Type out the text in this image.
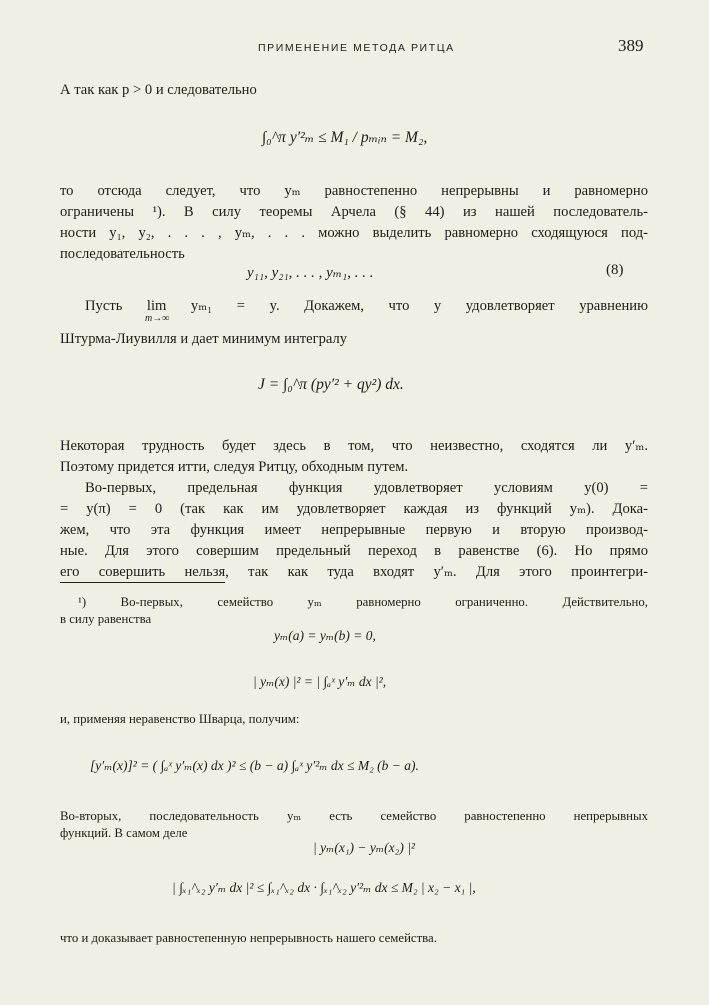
ПРИМЕНЕНИЕ МЕТОДА РИТЦА	389
А так как p > 0 и следовательно
∫₀^π y′²ₘ ≤ M₁ / pₘᵢₙ = M₂,
то отсюда следует, что yₘ равностепенно непрерывны и равномерно
ограничены ¹). В силу теоремы Арчела (§ 44) из нашей последователь-
ности y₁, y₂, . . . , yₘ, . . . можно выделить равномерно сходящуюся под-
последовательность
y₁₁, y₂₁, . . . , yₘ₁, . . .	(8)
Пусть lim yₘ₁ = y. Докажем, что y удовлетворяет уравнению
Штурма-Лиувилля и дает минимум интегралу
m→∞
J = ∫₀^π (py′² + qy²) dx.
Некоторая трудность будет здесь в том, что неизвестно, сходятся ли y′ₘ.
Поэтому придется итти, следуя Ритцу, обходным путем.
Во-первых, предельная функция удовлетворяет условиям y(0) =
= y(π) = 0 (так как им удовлетворяет каждая из функций yₘ). Дока-
жем, что эта функция имеет непрерывные первую и вторую производ-
ные. Для этого совершим предельный переход в равенстве (6). Но прямо
его совершить нельзя, так как туда входят y′ₘ. Для этого проинтегри-
¹) Во-первых, семейство yₘ равномерно ограниченно. Действительно,
в силу равенства
yₘ(a) = yₘ(b) = 0,
| yₘ(x) |² = | ∫ₐˣ y′ₘ dx |²,
и, применяя неравенство Шварца, получим:
[y′ₘ(x)]² = ( ∫ₐˣ y′ₘ(x) dx )² ≤ (b − a) ∫ₐˣ y′²ₘ dx ≤ M₂ (b − a).
Во-вторых, последовательность yₘ есть семейство равностепенно непрерывных
функций. В самом деле
| yₘ(x₁) − yₘ(x₂) |²
| ∫ₓ₁^ₓ₂ y′ₘ dx |² ≤ ∫ₓ₁^ₓ₂ dx · ∫ₓ₁^ₓ₂ y′²ₘ dx ≤ M₂ | x₂ − x₁ |,
что и доказывает равностепенную непрерывность нашего семейства.
